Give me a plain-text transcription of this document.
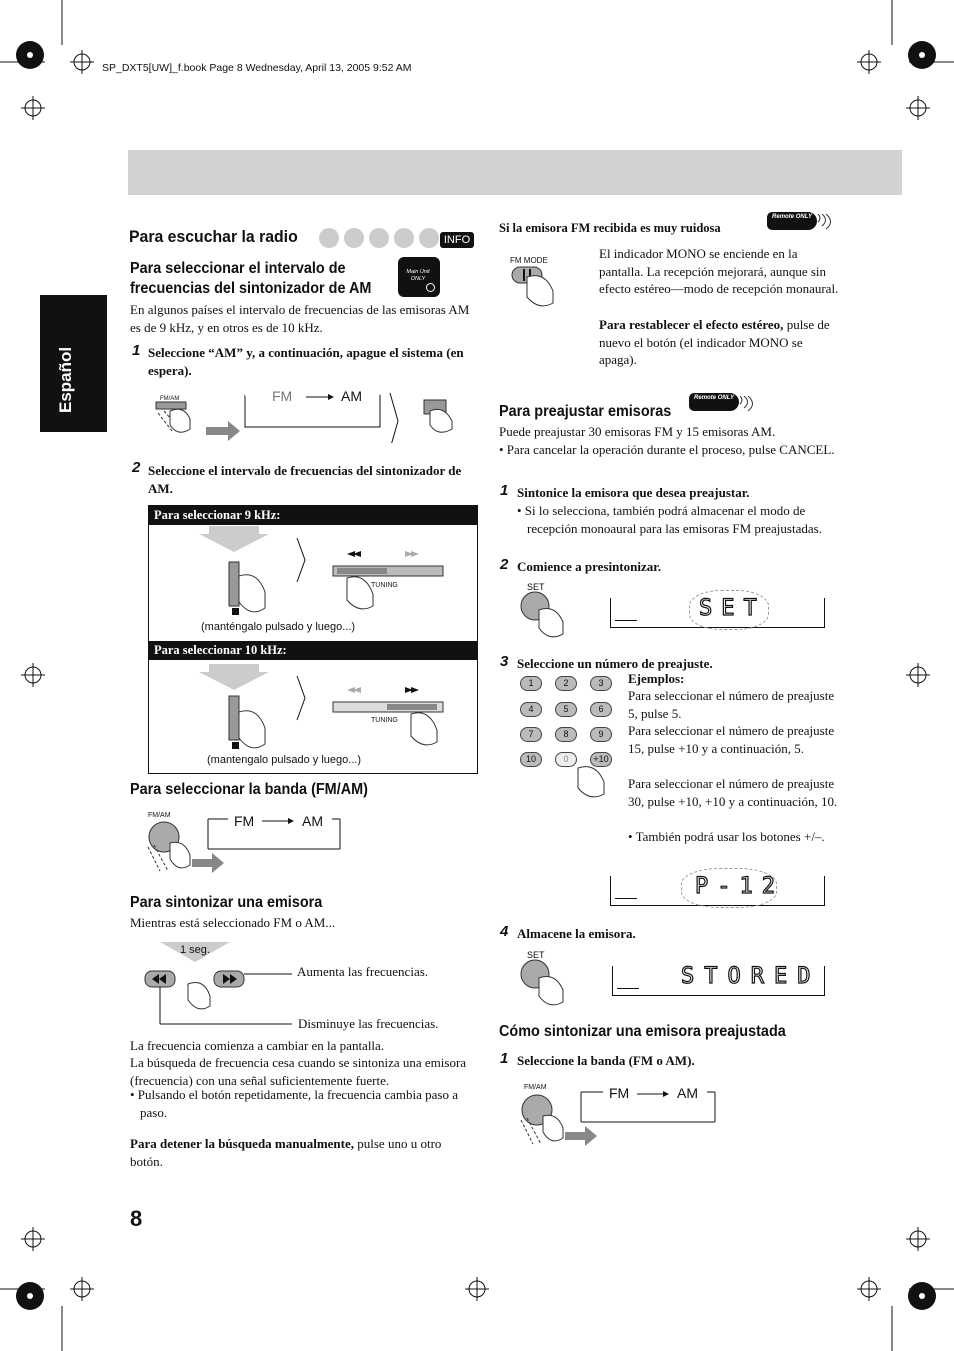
SP_DXT5[UW]_f.book Page 8 Wednesday, April 13, 2005 9:52 AM
Español
Para escuchar la radio	INFO
Para seleccionar el intervalo de frecuencias del sintonizador de AM
Main Unit ONLY
En algunos países el intervalo de frecuencias de las emisoras AM es de 9 kHz, y en otros es de 10 kHz.
1 Seleccione “AM” y, a continuación, apague el sistema (en espera).
FM/AM	FM	AM
2 Seleccione el intervalo de frecuencias del sintonizador de AM.
Para seleccionar 9 kHz:
Para seleccionar 10 kHz:
TUNING
TUNING
(manténgalo pulsado y luego...)
(mantengalo pulsado y luego...)
Para seleccionar la banda (FM/AM)
FM/AM	FM	AM
Para sintonizar una emisora
Mientras está seleccionado FM o AM...
1 seg.
Aumenta las frecuencias.
Disminuye las frecuencias.
La frecuencia comienza a cambiar en la pantalla.
La búsqueda de frecuencia cesa cuando se sintoniza una emisora (frecuencia) con una señal suficientemente fuerte.
• Pulsando el botón repetidamente, la frecuencia cambia paso a paso.
Para detener la búsqueda manualmente, pulse uno u otro botón.
8
Si la emisora FM recibida es muy ruidosa
Remote ONLY
FM MODE	El indicador MONO se enciende en la pantalla. La recepción mejorará, aunque sin efecto estéreo—modo de recepción monaural.
Para restablecer el efecto estéreo, pulse de nuevo el botón (el indicador MONO se apaga).
Para preajustar emisoras
Remote ONLY
Puede preajustar 30 emisoras FM y 15 emisoras AM.
• Para cancelar la operación durante el proceso, pulse CANCEL.
1 Sintonice la emisora que desea preajustar.
• Si lo selecciona, también podrá almacenar el modo de recepción monoaural para las emisoras FM preajustadas.
2 Comience a presintonizar.
SET
SET
3 Seleccione un número de preajuste.
1	2	3
4	5	6
7	8	9
10	0	+10
Ejemplos:
Para seleccionar el número de preajuste 5, pulse 5.
Para seleccionar el número de preajuste 15, pulse +10 y a continuación, 5.
Para seleccionar el número de preajuste 30, pulse +10, +10 y a continuación, 10.
• También podrá usar los botones +/–.
P-12
4 Almacene la emisora.
SET
STORED
Cómo sintonizar una emisora preajustada
1 Seleccione la banda (FM o AM).
FM/AM	FM	AM
